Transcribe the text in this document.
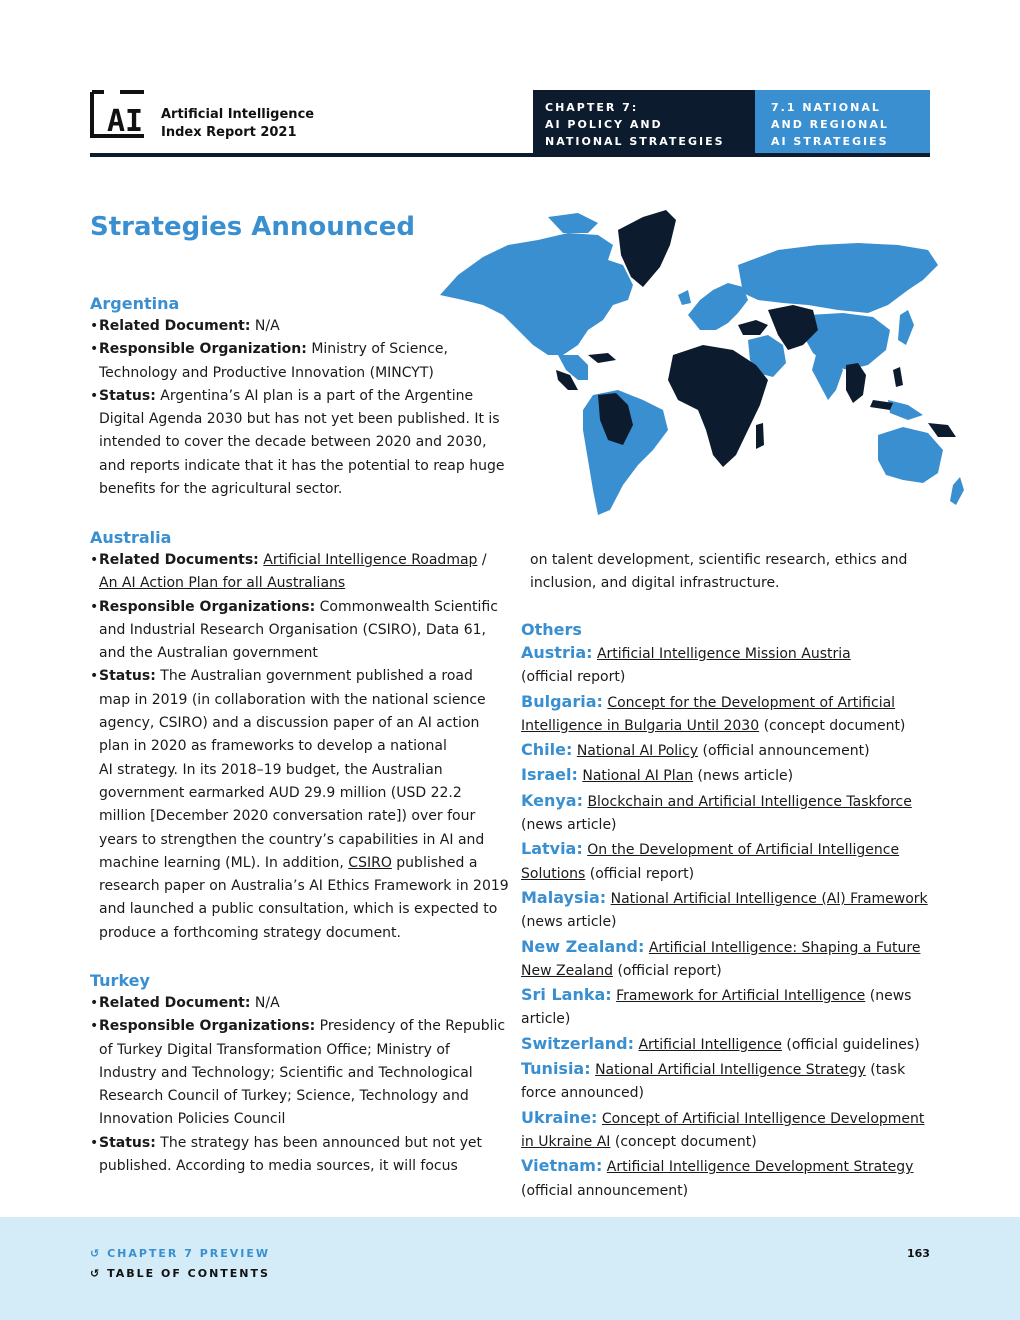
AI Artificial Intelligence
Index Report 2021
CHAPTER 7:
AI POLICY AND
NATIONAL STRATEGIES
7.1 NATIONAL
AND REGIONAL
AI STRATEGIES
Strategies Announced
Argentina
• Related Document: N/A
• Responsible Organization: Ministry of Science,
Technology and Productive Innovation (MINCYT)
• Status: Argentina’s AI plan is a part of the Argentine
Digital Agenda 2030 but has not yet been published. It is
intended to cover the decade between 2020 and 2030,
and reports indicate that it has the potential to reap huge
benefits for the agricultural sector.
Australia
• Related Documents: Artificial Intelligence Roadmap /
An AI Action Plan for all Australians
• Responsible Organizations: Commonwealth Scientific
and Industrial Research Organisation (CSIRO), Data 61,
and the Australian government
• Status: The Australian government published a road
map in 2019 (in collaboration with the national science
agency, CSIRO) and a discussion paper of an AI action
plan in 2020 as frameworks to develop a national
AI strategy. In its 2018–19 budget, the Australian
government earmarked AUD 29.9 million (USD 22.2
million [December 2020 conversation rate]) over four
years to strengthen the country’s capabilities in AI and
machine learning (ML). In addition, CSIRO published a
research paper on Australia’s AI Ethics Framework in 2019
and launched a public consultation, which is expected to
produce a forthcoming strategy document.
Turkey
• Related Document: N/A
• Responsible Organizations: Presidency of the Republic
of Turkey Digital Transformation Office; Ministry of
Industry and Technology; Scientific and Technological
Research Council of Turkey; Science, Technology and
Innovation Policies Council
• Status: The strategy has been announced but not yet
published. According to media sources, it will focus
on talent development, scientific research, ethics and
inclusion, and digital infrastructure.
Others
Austria: Artificial Intelligence Mission Austria
(official report)
Bulgaria: Concept for the Development of Artificial
Intelligence in Bulgaria Until 2030 (concept document)
Chile: National AI Policy (official announcement)
Israel: National AI Plan (news article)
Kenya: Blockchain and Artificial Intelligence Taskforce
(news article)
Latvia: On the Development of Artificial Intelligence
Solutions (official report)
Malaysia: National Artificial Intelligence (Al) Framework
(news article)
New Zealand: Artificial Intelligence: Shaping a Future
New Zealand (official report)
Sri Lanka: Framework for Artificial Intelligence (news
article)
Switzerland: Artificial Intelligence (official guidelines)
Tunisia: National Artificial Intelligence Strategy (task
force announced)
Ukraine: Concept of Artificial Intelligence Development
in Ukraine AI (concept document)
Vietnam: Artificial Intelligence Development Strategy
(official announcement)
↺ CHAPTER 7 PREVIEW
↺ TABLE OF CONTENTS
163
